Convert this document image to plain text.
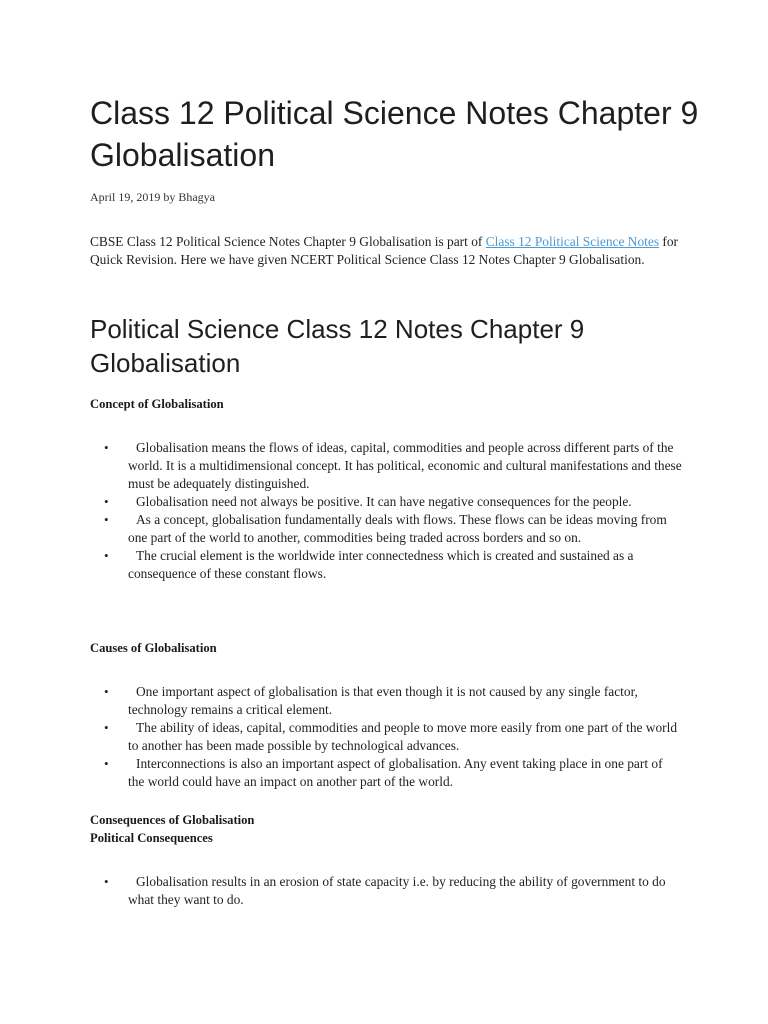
Class 12 Political Science Notes Chapter 9 Globalisation
April 19, 2019 by Bhagya

CBSE Class 12 Political Science Notes Chapter 9 Globalisation is part of Class 12 Political Science Notes for Quick Revision. Here we have given NCERT Political Science Class 12 Notes Chapter 9 Globalisation.

Political Science Class 12 Notes Chapter 9 Globalisation
Concept of Globalisation
•	Globalisation means the flows of ideas, capital, commodities and people across different parts of the world. It is a multidimensional concept. It has political, economic and cultural manifestations and these must be adequately distinguished.
•	Globalisation need not always be positive. It can have negative consequences for the people.
•	As a concept, globalisation fundamentally deals with flows. These flows can be ideas moving from one part of the world to another, commodities being traded across borders and so on.
•	The crucial element is the worldwide inter connectedness which is created and sustained as a consequence of these constant flows.
Causes of Globalisation
•	One important aspect of globalisation is that even though it is not caused by any single factor, technology remains a critical element.
•	The ability of ideas, capital, commodities and people to move more easily from one part of the world to another has been made possible by technological advances.
•	Interconnections is also an important aspect of globalisation. Any event taking place in one part of the world could have an impact on another part of the world.
Consequences of Globalisation
Political Consequences
•	Globalisation results in an erosion of state capacity i.e. by reducing the ability of government to do what they want to do.
